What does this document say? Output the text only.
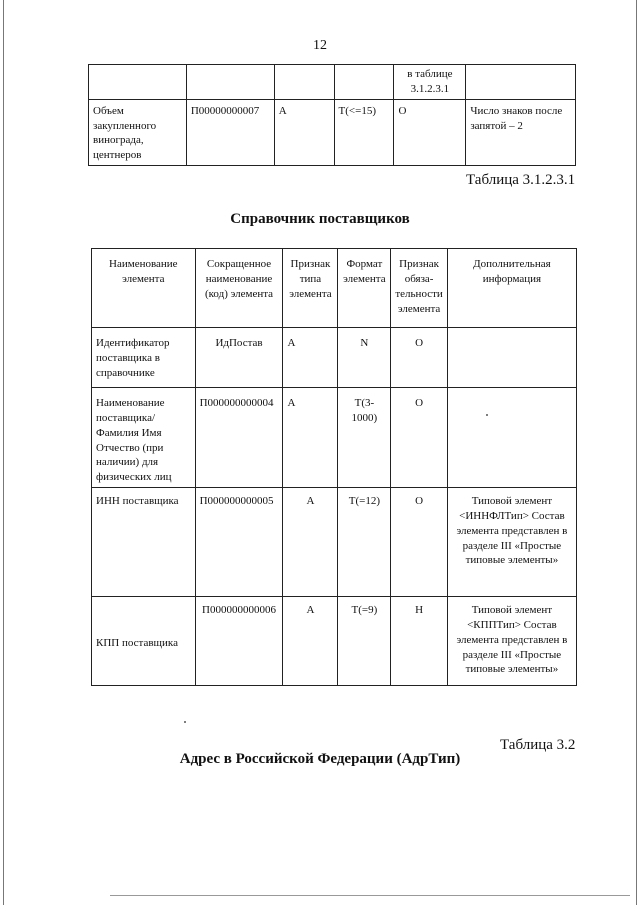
12
				в таблице 3.1.2.3.1	
Объем закупленного винограда, центнеров	П00000000007	А	Т(<=15)	О	Число знаков после запятой – 2
Таблица 3.1.2.3.1
Справочник поставщиков
Наименование элемента	Сокращенное наименование (код) элемента	Признак типа элемента	Формат элемента	Признак обяза-тельности элемента	Дополнительная информация
Идентификатор поставщика в справочнике	ИдПостав	А	N	О	
Наименование поставщика/ Фамилия Имя Отчество (при наличии) для физических лиц	П000000000004	А	Т(3-1000)	О	
ИНН поставщика	П000000000005	А	Т(=12)	О	Типовой элемент <ИННФЛТип> Состав элемента представлен в разделе III «Простые типовые элементы»
КПП поставщика	П000000000006	А	Т(=9)	Н	Типовой элемент <КППТип> Состав элемента представлен в разделе III «Простые типовые элементы»
Таблица 3.2
Адрес в Российской Федерации (АдрТип)
